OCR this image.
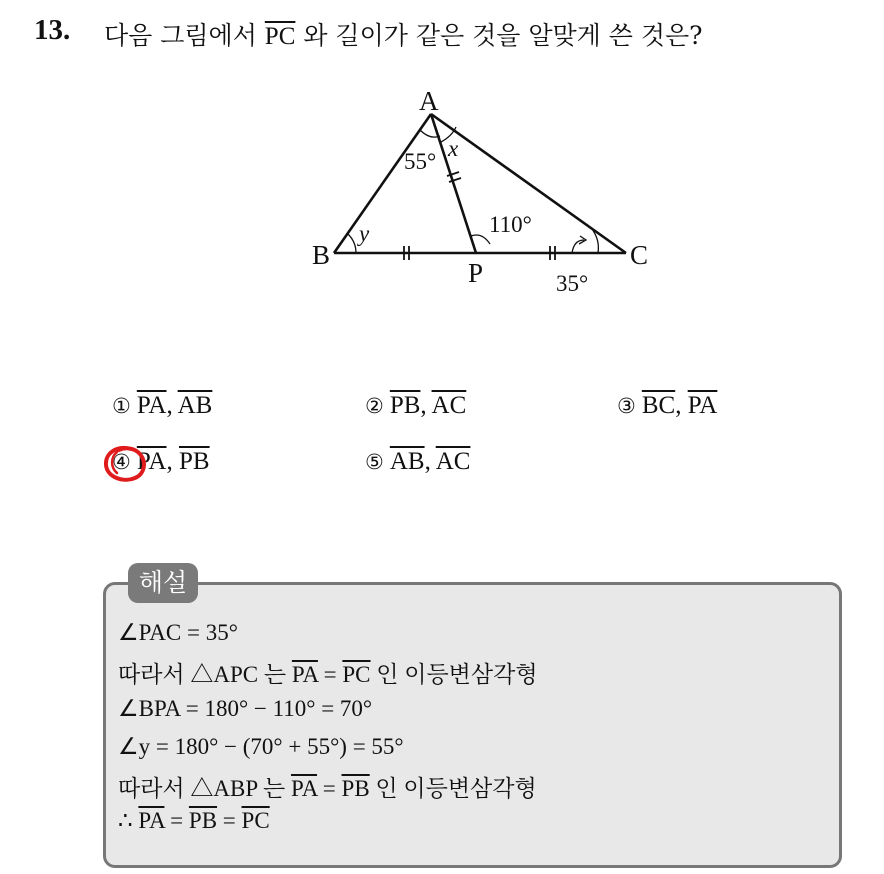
13. 다음 그림에서 $\overline{PC}$ 와 길이가 같은 것을 알맞게 쓴 것은?
A
B	C
P
55°
x
y	110°
35°
① $\overline{PA}$, $\overline{AB}$	② $\overline{PB}$, $\overline{AC}$	③ $\overline{BC}$, $\overline{PA}$
④ $\overline{PA}$, $\overline{PB}$	⑤ $\overline{AB}$, $\overline{AC}$
해설
∠PAC = 35°
따라서 △APC 는 $\overline{PA} = \overline{PC}$ 인 이등변삼각형
∠BPA = 180° − 110° = 70°
∠y = 180° − (70° + 55°) = 55°
따라서 △ABP 는 $\overline{PA} = \overline{PB}$ 인 이등변삼각형
∴ $\overline{PA} = \overline{PB} = \overline{PC}$
